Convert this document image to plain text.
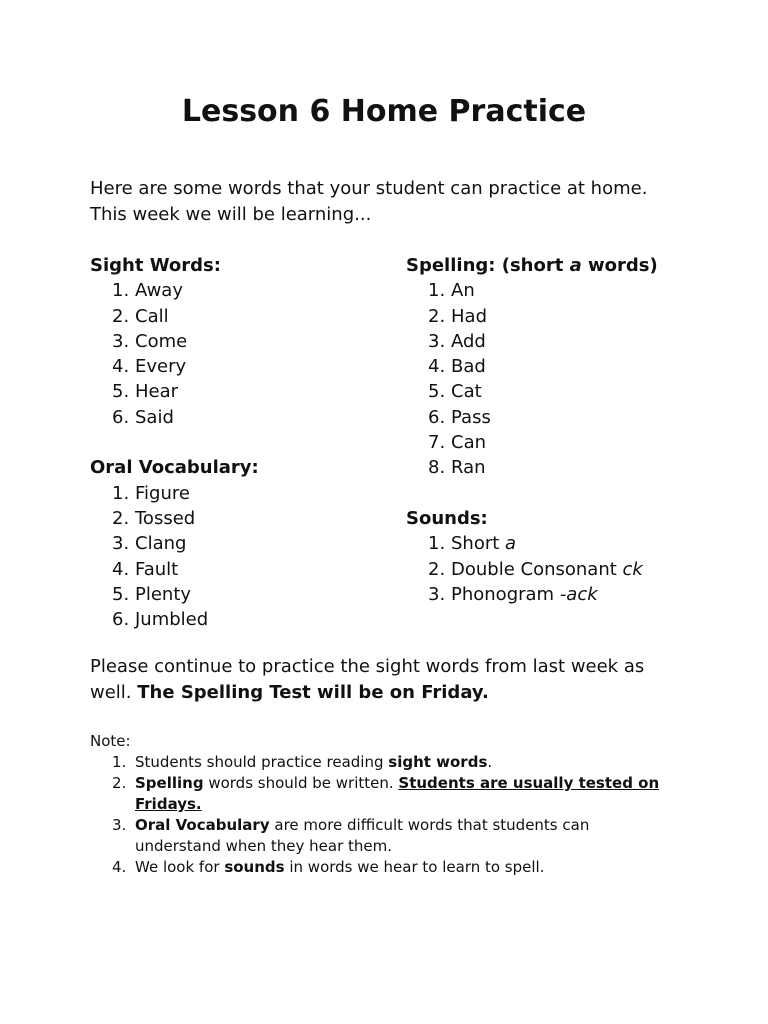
Lesson 6 Home Practice
Here are some words that your student can practice at home.
This week we will be learning...
Sight Words:
1. Away
2. Call
3. Come
4. Every
5. Hear
6. Said
Oral Vocabulary:
1. Figure
2. Tossed
3. Clang
4. Fault
5. Plenty
6. Jumbled
Spelling: (short a words)
1. An
2. Had
3. Add
4. Bad
5. Cat
6. Pass
7. Can
8. Ran
Sounds:
1. Short a
2. Double Consonant ck
3. Phonogram -ack
Please continue to practice the sight words from last week as
well. The Spelling Test will be on Friday.
Note:
1. Students should practice reading sight words.
2. Spelling words should be written. Students are usually tested on Fridays.
3. Oral Vocabulary are more difficult words that students can understand when they hear them.
4. We look for sounds in words we hear to learn to spell.
